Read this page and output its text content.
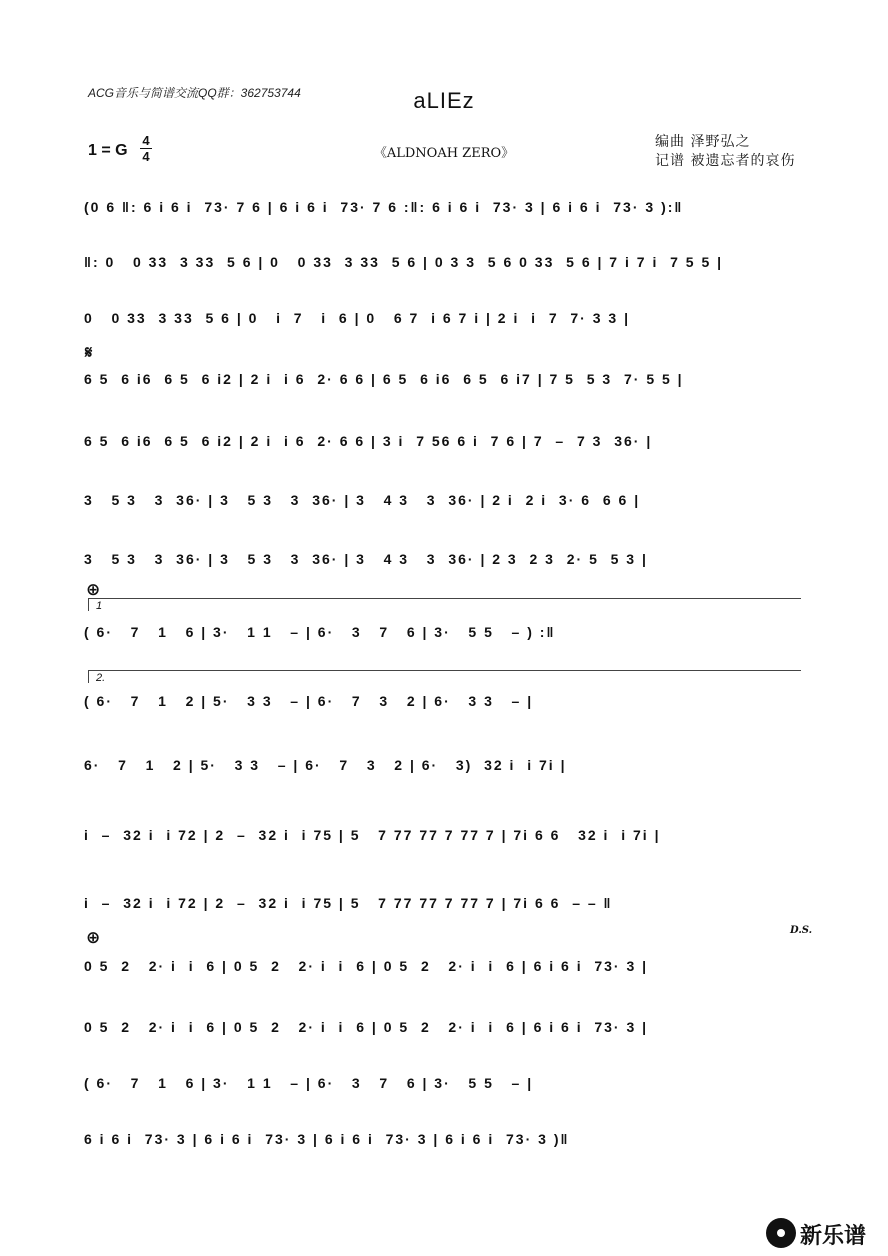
ACG音乐与简谱交流QQ群：362753744	aLIEz
1 = G
4
4	《ALDNOAH ZERO》
编曲 泽野弘之
记谱 被遗忘者的哀伤
(0 6 ‖: 6 i 6 i  73· 7 6 | 6 i 6 i  73· 7 6 :‖: 6 i 6 i  73· 3 | 6 i 6 i  73· 3 ):‖
‖: 0   0 33  3 33  5 6 | 0   0 33  3 33  5 6 | 0 3 3  5 6 0 33  5 6 | 7 i 7 i  7 5 5 |
0   0 33  3 33  5 6 | 0   i  7   i  6 | 0   6 7  i 6 7 i | 2 i  i  7  7· 3 3 |
𝄋
6 5  6 i6  6 5  6 i2 | 2 i  i 6  2· 6 6 | 6 5  6 i6  6 5  6 i7 | 7 5  5 3  7· 5 5 |
6 5  6 i6  6 5  6 i2 | 2 i  i 6  2· 6 6 | 3 i  7 56 6 i  7 6 | 7  –  7 3  36· |
3   5 3   3  36· | 3   5 3   3  36· | 3   4 3   3  36· | 2 i  2 i  3· 6  6 6 |
3   5 3   3  36· | 3   5 3   3  36· | 3   4 3   3  36· | 2 3  2 3  2· 5  5 3 |
⊕
1
( 6·   7   1   6 | 3·   1 1   – | 6·   3   7   6 | 3·   5 5   – ) :‖
2.
( 6·   7   1   2 | 5·   3 3   – | 6·   7   3   2 | 6·   3 3   – |
6·   7   1   2 | 5·   3 3   – | 6·   7   3   2 | 6·   3)  32 i  i 7i |
i  –  32 i  i 72 | 2  –  32 i  i 75 | 5   7 77 77 7 77 7 | 7i 6 6   32 i  i 7i |
i  –  32 i  i 72 | 2  –  32 i  i 75 | 5   7 77 77 7 77 7 | 7i 6 6  – – ‖
D.S.
⊕
0 5  2   2· i  i  6 | 0 5  2   2· i  i  6 | 0 5  2   2· i  i  6 | 6 i 6 i  73· 3 |
0 5  2   2· i  i  6 | 0 5  2   2· i  i  6 | 0 5  2   2· i  i  6 | 6 i 6 i  73· 3 |
( 6·   7   1   6 | 3·   1 1   – | 6·   3   7   6 | 3·   5 5   – |
6 i 6 i  73· 3 | 6 i 6 i  73· 3 | 6 i 6 i  73· 3 | 6 i 6 i  73· 3 )‖
新乐谱
